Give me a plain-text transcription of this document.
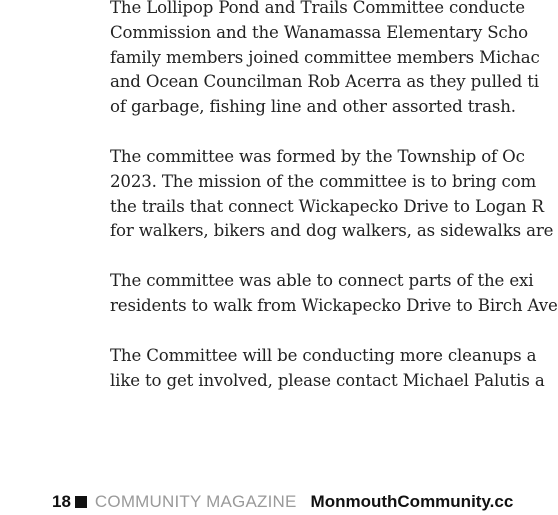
The Lollipop Pond and Trails Committee conducte
Commission and the Wanamassa Elementary Scho
family members joined committee members Michac
and Ocean Councilman Rob Acerra as they pulled ti
of garbage, fishing line and other assorted trash.

The committee was formed by the Township of Oc
2023. The mission of the committee is to bring com
the trails that connect Wickapecko Drive to Logan R
for walkers, bikers and dog walkers, as sidewalks are

The committee was able to connect parts of the exi
residents to walk from Wickapecko Drive to Birch Ave

The Committee will be conducting more cleanups a
like to get involved, please contact Michael Palutis a

18 COMMUNITY MAGAZINE MonmouthCommunity.cc
